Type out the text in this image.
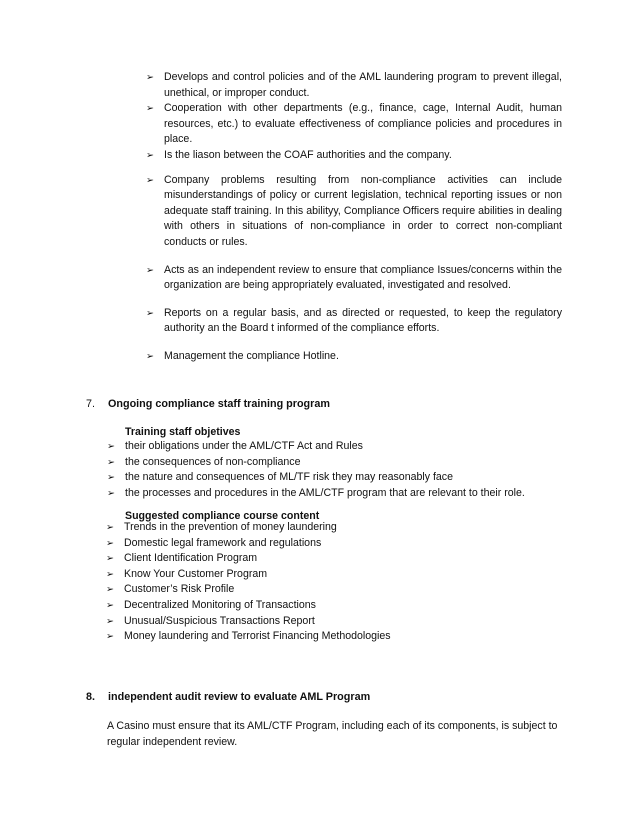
➢ Develops and control policies and of the AML laundering program to prevent illegal, unethical, or improper conduct.
➢ Cooperation with other departments (e.g., finance, cage, Internal Audit, human resources, etc.) to evaluate effectiveness of compliance policies and procedures in place.
➢ Is the liason between the COAF authorities and the company.
➢ Company problems resulting from non-compliance activities can include misunderstandings of policy or current legislation, technical reporting issues or non adequate staff training. In this abilityy, Compliance Officers require abilities in dealing with others in situations of non-compliance in order to correct non-compliant conducts or rules.
➢ Acts as an independent review to ensure that compliance Issues/concerns within the organization are being appropriately evaluated, investigated and resolved.
➢ Reports on a regular basis, and as directed or requested, to keep the regulatory authority an the Board t informed of the compliance efforts.
➢ Management the compliance Hotline.
7. Ongoing compliance staff training program
Training staff objetives
➢ their obligations under the AML/CTF Act and Rules
➢ the consequences of non-compliance
➢ the nature and consequences of ML/TF risk they may reasonably face
➢ the processes and procedures in the AML/CTF program that are relevant to their role.
Suggested compliance course content
➢ Trends in the prevention of money laundering
➢ Domestic legal framework and regulations
➢ Client Identification Program
➢ Know Your Customer Program
➢ Customer’s Risk Profile
➢ Decentralized Monitoring of Transactions
➢ Unusual/Suspicious Transactions Report
➢ Money laundering and Terrorist Financing Methodologies
8. independent audit review to evaluate AML Program
A Casino must ensure that its AML/CTF Program, including each of its components, is subject to regular independent review.
